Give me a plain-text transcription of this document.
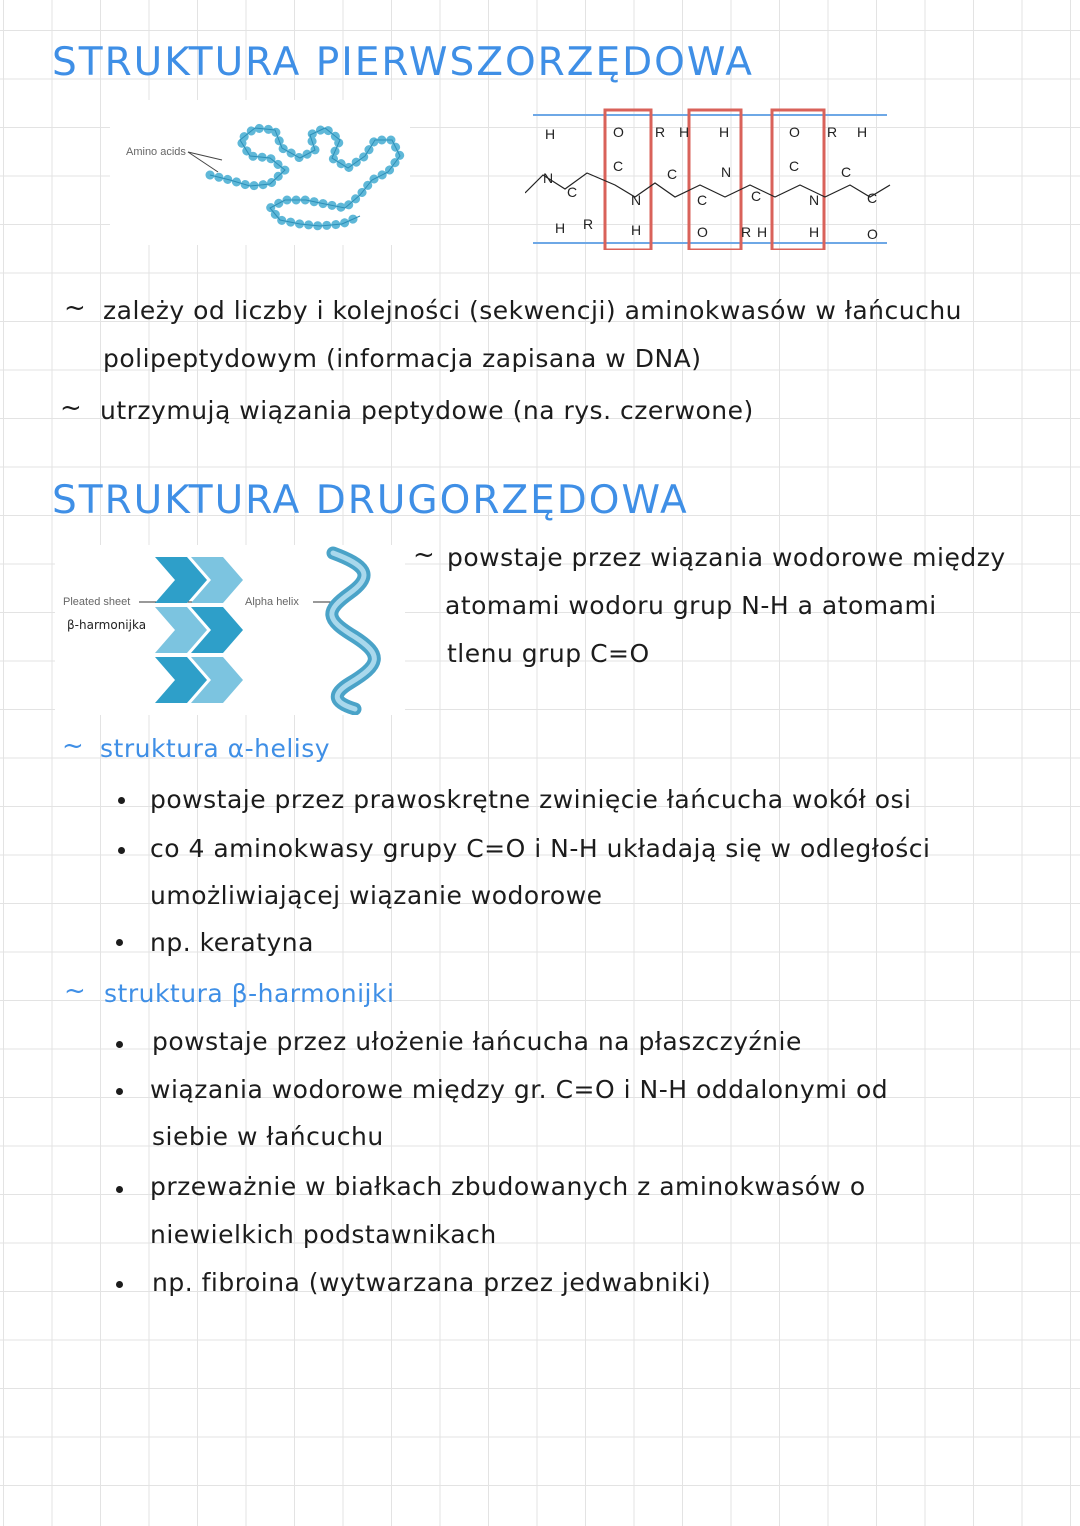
STRUKTURA PIERWSZORZĘDOWA
Amino acids
H
N
C
H R
O
C
N
H
R H
C
H
N
C
O
C
R H
O
C
N
H
R H
C
C
O
~ zależy od liczby i kolejności (sekwencji) aminokwasów w łańcuchu
polipeptydowym (informacja zapisana w DNA)
~ utrzymują wiązania peptydowe (na rys. czerwone)
STRUKTURA DRUGORZĘDOWA
Pleated sheet
β-harmonijka
Alpha helix
~ powstaje przez wiązania wodorowe między
atomami wodoru grup N-H a atomami
tlenu grup C=O
~ struktura α-helisy
powstaje przez prawoskrętne zwinięcie łańcucha wokół osi
co 4 aminokwasy grupy C=O i N-H układają się w odległości
umożliwiającej wiązanie wodorowe
np. keratyna
~ struktura β-harmonijki
powstaje przez ułożenie łańcucha na płaszczyźnie
wiązania wodorowe między gr. C=O i N-H oddalonymi od
siebie w łańcuchu
przeważnie w białkach zbudowanych z aminokwasów o
niewielkich podstawnikach
np. fibroina (wytwarzana przez jedwabniki)
